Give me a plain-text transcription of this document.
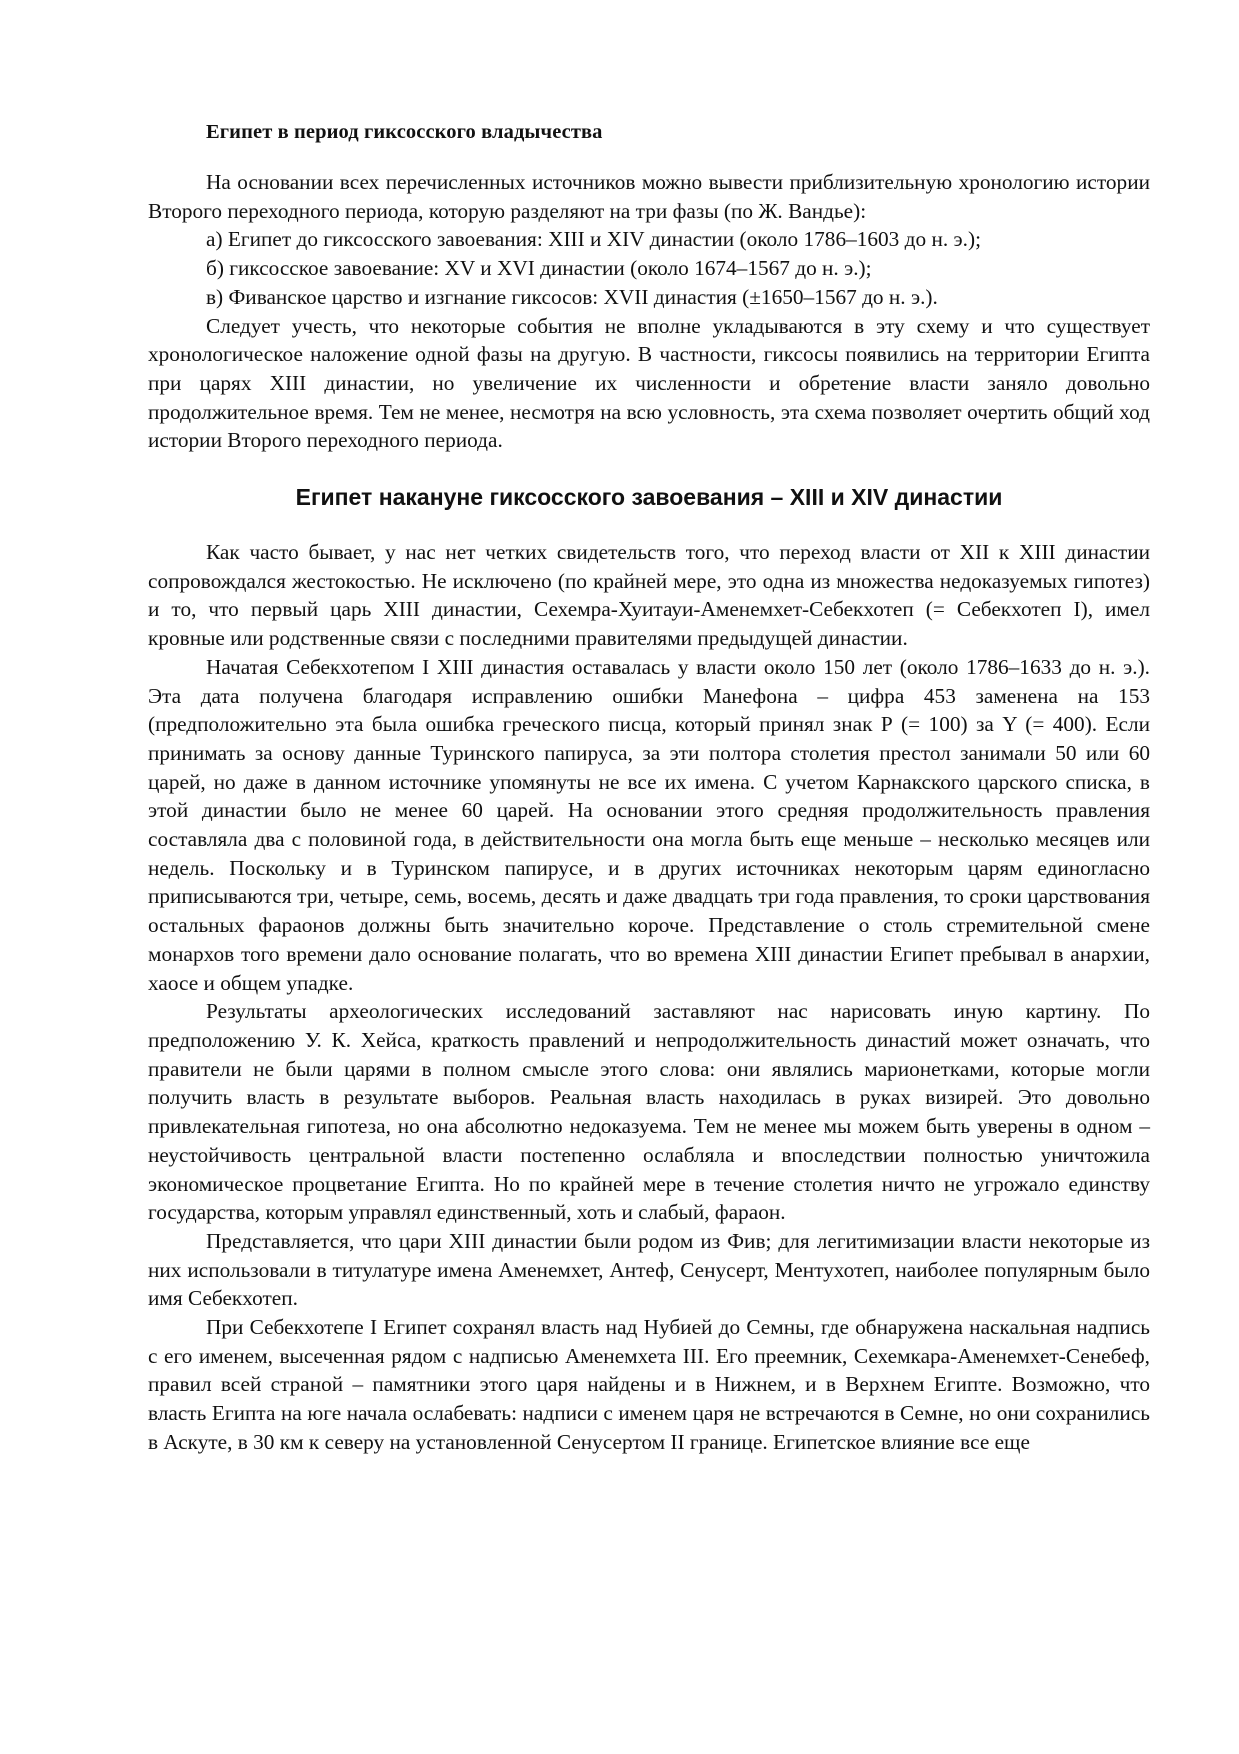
Египет в период гиксосского владычества

На основании всех перечисленных источников можно вывести приблизительную хронологию истории Второго переходного периода, которую разделяют на три фазы (по Ж. Вандье):

а) Египет до гиксосского завоевания: XIII и XIV династии (около 1786–1603 до н. э.);

б) гиксосское завоевание: XV и XVI династии (около 1674–1567 до н. э.);

в) Фиванское царство и изгнание гиксосов: XVII династия (±1650–1567 до н. э.).

Следует учесть, что некоторые события не вполне укладываются в эту схему и что существует хронологическое наложение одной фазы на другую. В частности, гиксосы появились на территории Египта при царях XIII династии, но увеличение их численности и обретение власти заняло довольно продолжительное время. Тем не менее, несмотря на всю условность, эта схема позволяет очертить общий ход истории Второго переходного периода.

Египет накануне гиксосского завоевания – XIII и XIV династии

Как часто бывает, у нас нет четких свидетельств того, что переход власти от XII к XIII династии сопровождался жестокостью. Не исключено (по крайней мере, это одна из множества недоказуемых гипотез) и то, что первый царь XIII династии, Сехемра-Хуитауи-Аменемхет-Себекхотеп (= Себекхотеп I), имел кровные или родственные связи с последними правителями предыдущей династии.

Начатая Себекхотепом I XIII династия оставалась у власти около 150 лет (около 1786–1633 до н. э.). Эта дата получена благодаря исправлению ошибки Манефона – цифра 453 заменена на 153 (предположительно эта была ошибка греческого писца, который принял знак Р (= 100) за Y (= 400). Если принимать за основу данные Туринского папируса, за эти полтора столетия престол занимали 50 или 60 царей, но даже в данном источнике упомянуты не все их имена. С учетом Карнакского царского списка, в этой династии было не менее 60 царей. На основании этого средняя продолжительность правления составляла два с половиной года, в действительности она могла быть еще меньше – несколько месяцев или недель. Поскольку и в Туринском папирусе, и в других источниках некоторым царям единогласно приписываются три, четыре, семь, восемь, десять и даже двадцать три года правления, то сроки царствования остальных фараонов должны быть значительно короче. Представление о столь стремительной смене монархов того времени дало основание полагать, что во времена XIII династии Египет пребывал в анархии, хаосе и общем упадке.

Результаты археологических исследований заставляют нас нарисовать иную картину. По предположению У. К. Хейса, краткость правлений и непродолжительность династий может означать, что правители не были царями в полном смысле этого слова: они являлись марионетками, которые могли получить власть в результате выборов. Реальная власть находилась в руках визирей. Это довольно привлекательная гипотеза, но она абсолютно недоказуема. Тем не менее мы можем быть уверены в одном – неустойчивость центральной власти постепенно ослабляла и впоследствии полностью уничтожила экономическое процветание Египта. Но по крайней мере в течение столетия ничто не угрожало единству государства, которым управлял единственный, хоть и слабый, фараон.

Представляется, что цари XIII династии были родом из Фив; для легитимизации власти некоторые из них использовали в титулатуре имена Аменемхет, Антеф, Сенусерт, Ментухотеп, наиболее популярным было имя Себекхотеп.

При Себекхотепе I Египет сохранял власть над Нубией до Семны, где обнаружена наскальная надпись с его именем, высеченная рядом с надписью Аменемхета III. Его преемник, Сехемкара-Аменемхет-Сенебеф, правил всей страной – памятники этого царя найдены и в Нижнем, и в Верхнем Египте. Возможно, что власть Египта на юге начала ослабевать: надписи с именем царя не встречаются в Семне, но они сохранились в Аскуте, в 30 км к северу на установленной Сенусертом II границе. Египетское влияние все еще
